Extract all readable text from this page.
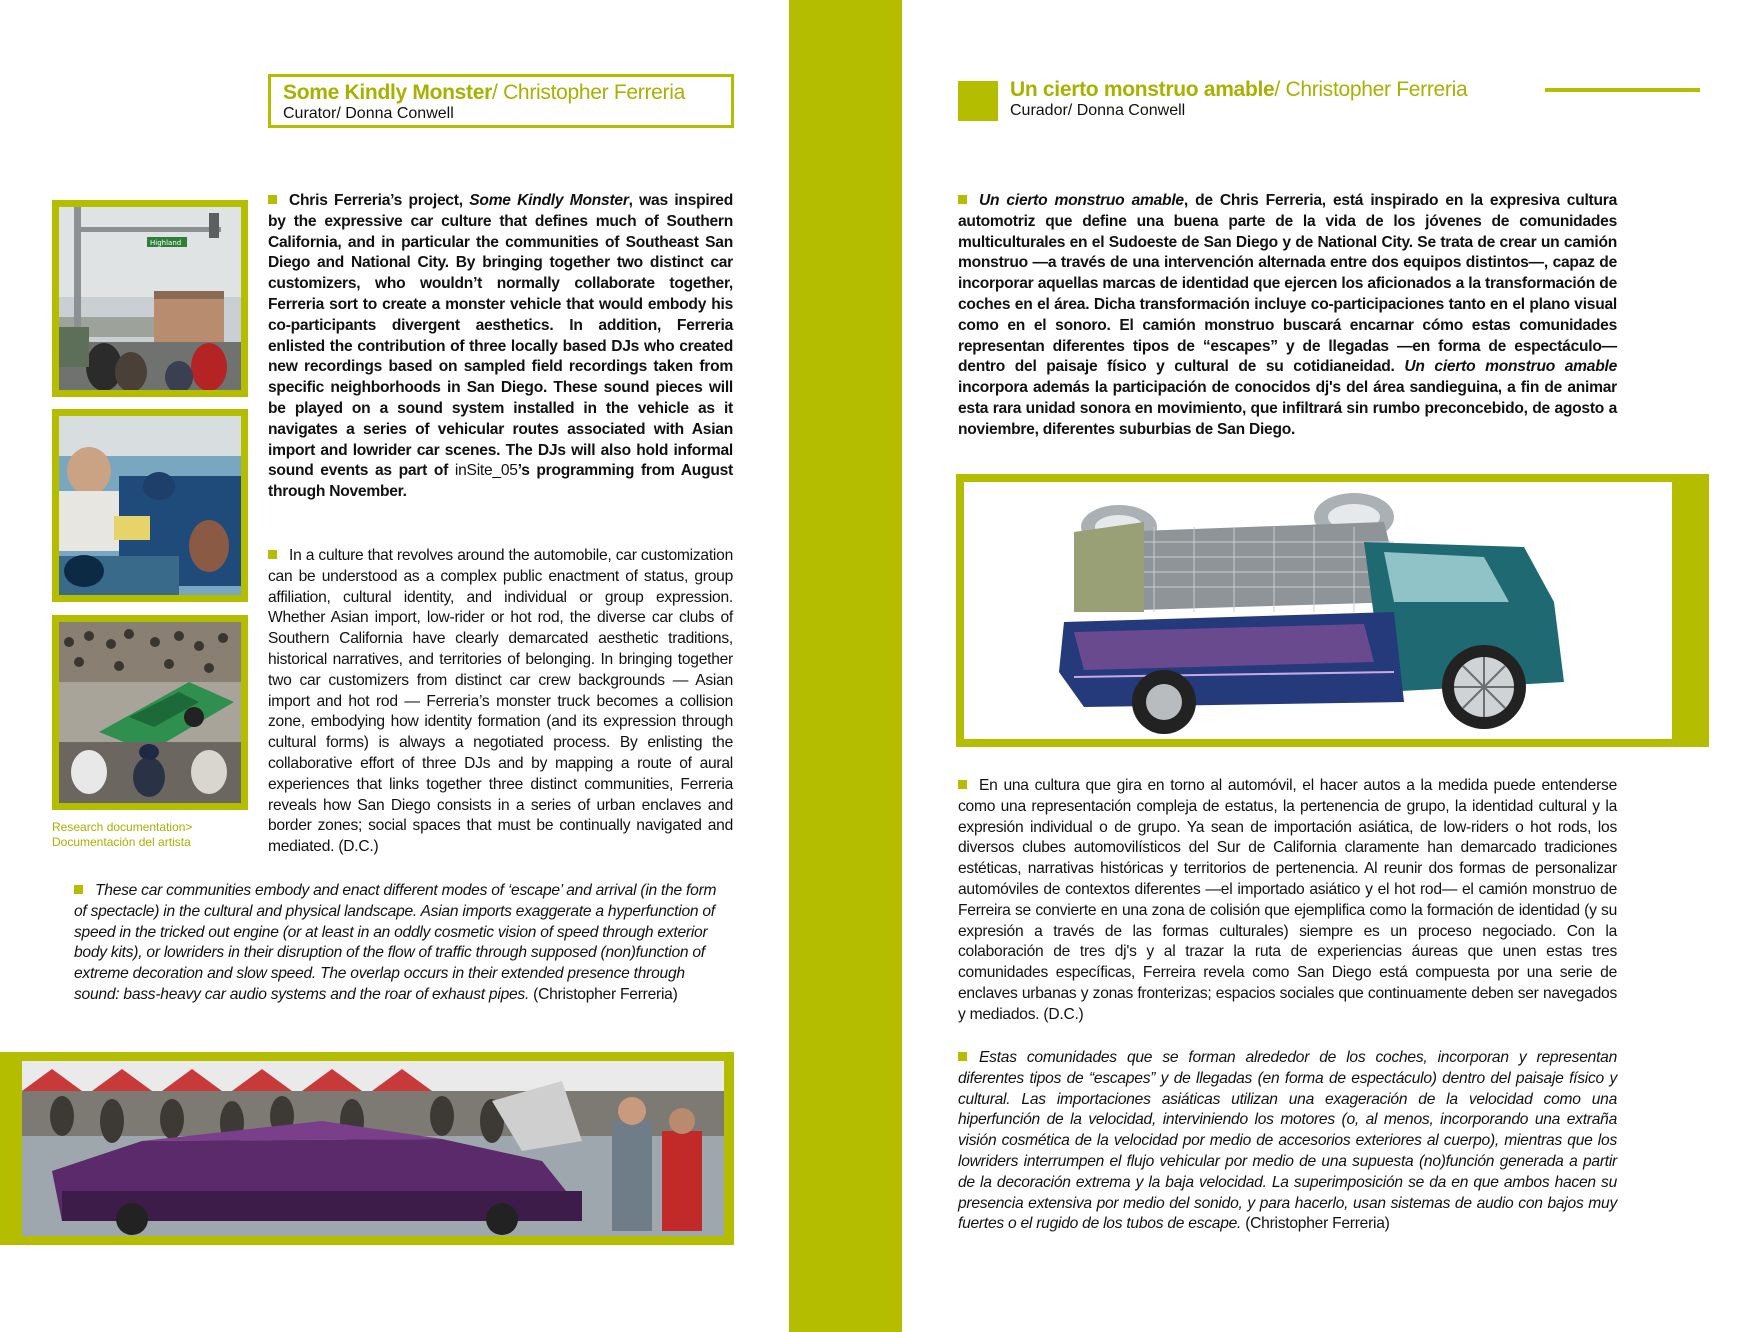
Some Kindly Monster/ Christopher Ferreria
Curator/ Donna Conwell
Highland
Research documentation>
Documentación del artista
Chris Ferreria’s project, Some Kindly Monster, was inspired by the expressive car culture that defines much of Southern California, and in particular the communities of Southeast San Diego and National City. By bringing together two distinct car customizers, who wouldn’t normally collaborate together, Ferreria sort to create a monster vehicle that would embody his co-participants divergent aesthetics. In addition, Ferreria enlisted the contribution of three locally based DJs who created new recordings based on sampled field recordings taken from specific neighborhoods in San Diego. These sound pieces will be played on a sound system installed in the vehicle as it navigates a series of vehicular routes associated with Asian import and lowrider car scenes. The DJs will also hold informal sound events as part of inSite_05’s programming from August through November.
In a culture that revolves around the automobile, car customization can be understood as a complex public enactment of status, group affiliation, cultural identity, and individual or group expression. Whether Asian import, low-rider or hot rod, the diverse car clubs of Southern California have clearly demarcated aesthetic traditions, historical narratives, and territories of belonging. In bringing together two car customizers from distinct car crew backgrounds — Asian import and hot rod — Ferreria’s monster truck becomes a collision zone, embodying how identity formation (and its expression through cultural forms) is always a negotiated process. By enlisting the collaborative effort of three DJs and by mapping a route of aural experiences that links together three distinct communities, Ferreria reveals how San Diego consists in a series of urban enclaves and border zones; social spaces that must be continually navigated and mediated. (D.C.)
These car communities embody and enact different modes of ‘escape’ and arrival (in the form of spectacle) in the cultural and physical landscape. Asian imports exaggerate a hyperfunction of speed in the tricked out engine (or at least in an oddly cosmetic vision of speed through exterior body kits), or lowriders in their disruption of the flow of traffic through supposed (non)function of extreme decoration and slow speed. The overlap occurs in their extended presence through sound: bass-heavy car audio systems and the roar of exhaust pipes. (Christopher Ferreria)
Un cierto monstruo amable/ Christopher Ferreria
Curador/ Donna Conwell
Un cierto monstruo amable, de Chris Ferreria, está inspirado en la expresiva cultura automotriz que define una buena parte de la vida de los jóvenes de comunidades multiculturales en el Sudoeste de San Diego y de National City. Se trata de crear un camión monstruo —a través de una intervención alternada entre dos equipos distintos—, capaz de incorporar aquellas marcas de identidad que ejercen los aficionados a la transformación de coches en el área. Dicha transformación incluye co-participaciones tanto en el plano visual como en el sonoro. El camión monstruo buscará encarnar cómo estas comunidades representan diferentes tipos de “escapes” y de llegadas —en forma de espectáculo— dentro del paisaje físico y cultural de su cotidianeidad. Un cierto monstruo amable incorpora además la participación de conocidos dj's del área sandieguina, a fin de animar esta rara unidad sonora en movimiento, que infiltrará sin rumbo preconcebido, de agosto a noviembre, diferentes suburbias de San Diego.
En una cultura que gira en torno al automóvil, el hacer autos a la medida puede entenderse como una representación compleja de estatus, la pertenencia de grupo, la identidad cultural y la expresión individual o de grupo. Ya sean de importación asiática, de low-riders o hot rods, los diversos clubes automovilísticos del Sur de California claramente han demarcado tradiciones estéticas, narrativas históricas y territorios de pertenencia. Al reunir dos formas de personalizar automóviles de contextos diferentes —el importado asiático y el hot rod— el camión monstruo de Ferreira se convierte en una zona de colisión que ejemplifica como la formación de identidad (y su expresión a través de las formas culturales) siempre es un proceso negociado. Con la colaboración de tres dj's y al trazar la ruta de experiencias áureas que unen estas tres comunidades específicas, Ferreira revela como San Diego está compuesta por una serie de enclaves urbanas y zonas fronterizas; espacios sociales que continuamente deben ser navegados y mediados. (D.C.)
Estas comunidades que se forman alrededor de los coches, incorporan y representan diferentes tipos de “escapes” y de llegadas (en forma de espectáculo) dentro del paisaje físico y cultural. Las importaciones asiáticas utilizan una exageración de la velocidad como una hiperfunción de la velocidad, interviniendo los motores (o, al menos, incorporando una extraña visión cosmética de la velocidad por medio de accesorios exteriores al cuerpo), mientras que los lowriders interrumpen el flujo vehicular por medio de una supuesta (no)función generada a partir de la decoración extrema y la baja velocidad. La superimposición se da en que ambos hacen su presencia extensiva por medio del sonido, y para hacerlo, usan sistemas de audio con bajos muy fuertes o el rugido de los tubos de escape. (Christopher Ferreria)
